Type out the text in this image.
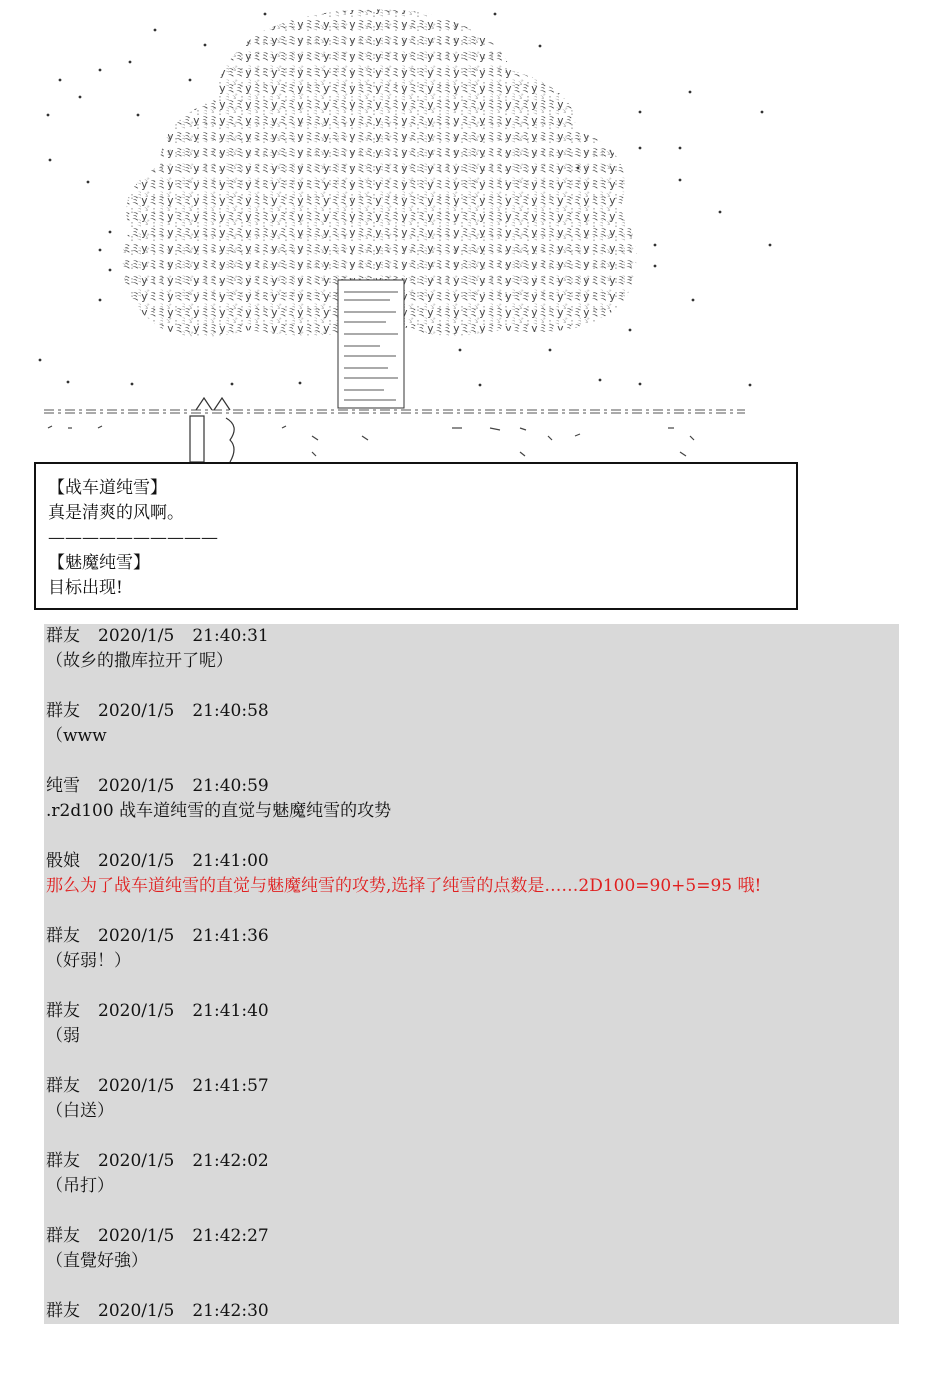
【战车道纯雪】
真是清爽的风啊。
——————————
【魅魔纯雪】
目标出现!
群友 2020/1/5 21:40:31
（故乡的撒库拉开了呢）
群友 2020/1/5 21:40:58
（www
纯雪 2020/1/5 21:40:59
.r2d100 战车道纯雪的直觉与魅魔纯雪的攻势
骰娘 2020/1/5 21:41:00
那么为了战车道纯雪的直觉与魅魔纯雪的攻势,选择了纯雪的点数是……2D100=90+5=95 哦!
群友 2020/1/5 21:41:36
（好弱！）
群友 2020/1/5 21:41:40
（弱
群友 2020/1/5 21:41:57
（白送）
群友 2020/1/5 21:42:02
（吊打）
群友 2020/1/5 21:42:27
（直覺好強）
群友 2020/1/5 21:42:30
